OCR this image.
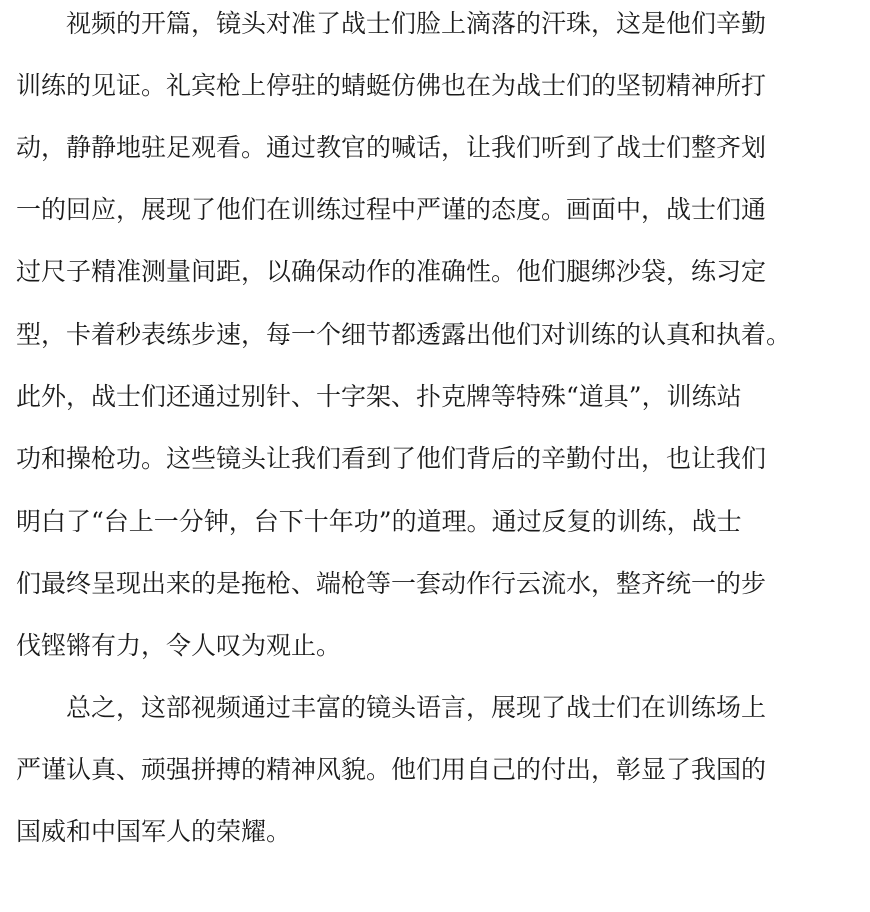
　　视频的开篇，镜头对准了战士们脸上滴落的汗珠，这是他们辛勤
训练的见证。礼宾枪上停驻的蜻蜓仿佛也在为战士们的坚韧精神所打
动，静静地驻足观看。通过教官的喊话，让我们听到了战士们整齐划
一的回应，展现了他们在训练过程中严谨的态度。画面中，战士们通
过尺子精准测量间距，以确保动作的准确性。他们腿绑沙袋，练习定
型，卡着秒表练步速，每一个细节都透露出他们对训练的认真和执着。
此外，战士们还通过别针、十字架、扑克牌等特殊“道具”，训练站
功和操枪功。这些镜头让我们看到了他们背后的辛勤付出，也让我们
明白了“台上一分钟，台下十年功”的道理。通过反复的训练，战士
们最终呈现出来的是拖枪、端枪等一套动作行云流水，整齐统一的步
伐铿锵有力，令人叹为观止。
　　总之，这部视频通过丰富的镜头语言，展现了战士们在训练场上
严谨认真、顽强拼搏的精神风貌。他们用自己的付出，彰显了我国的
国威和中国军人的荣耀。
